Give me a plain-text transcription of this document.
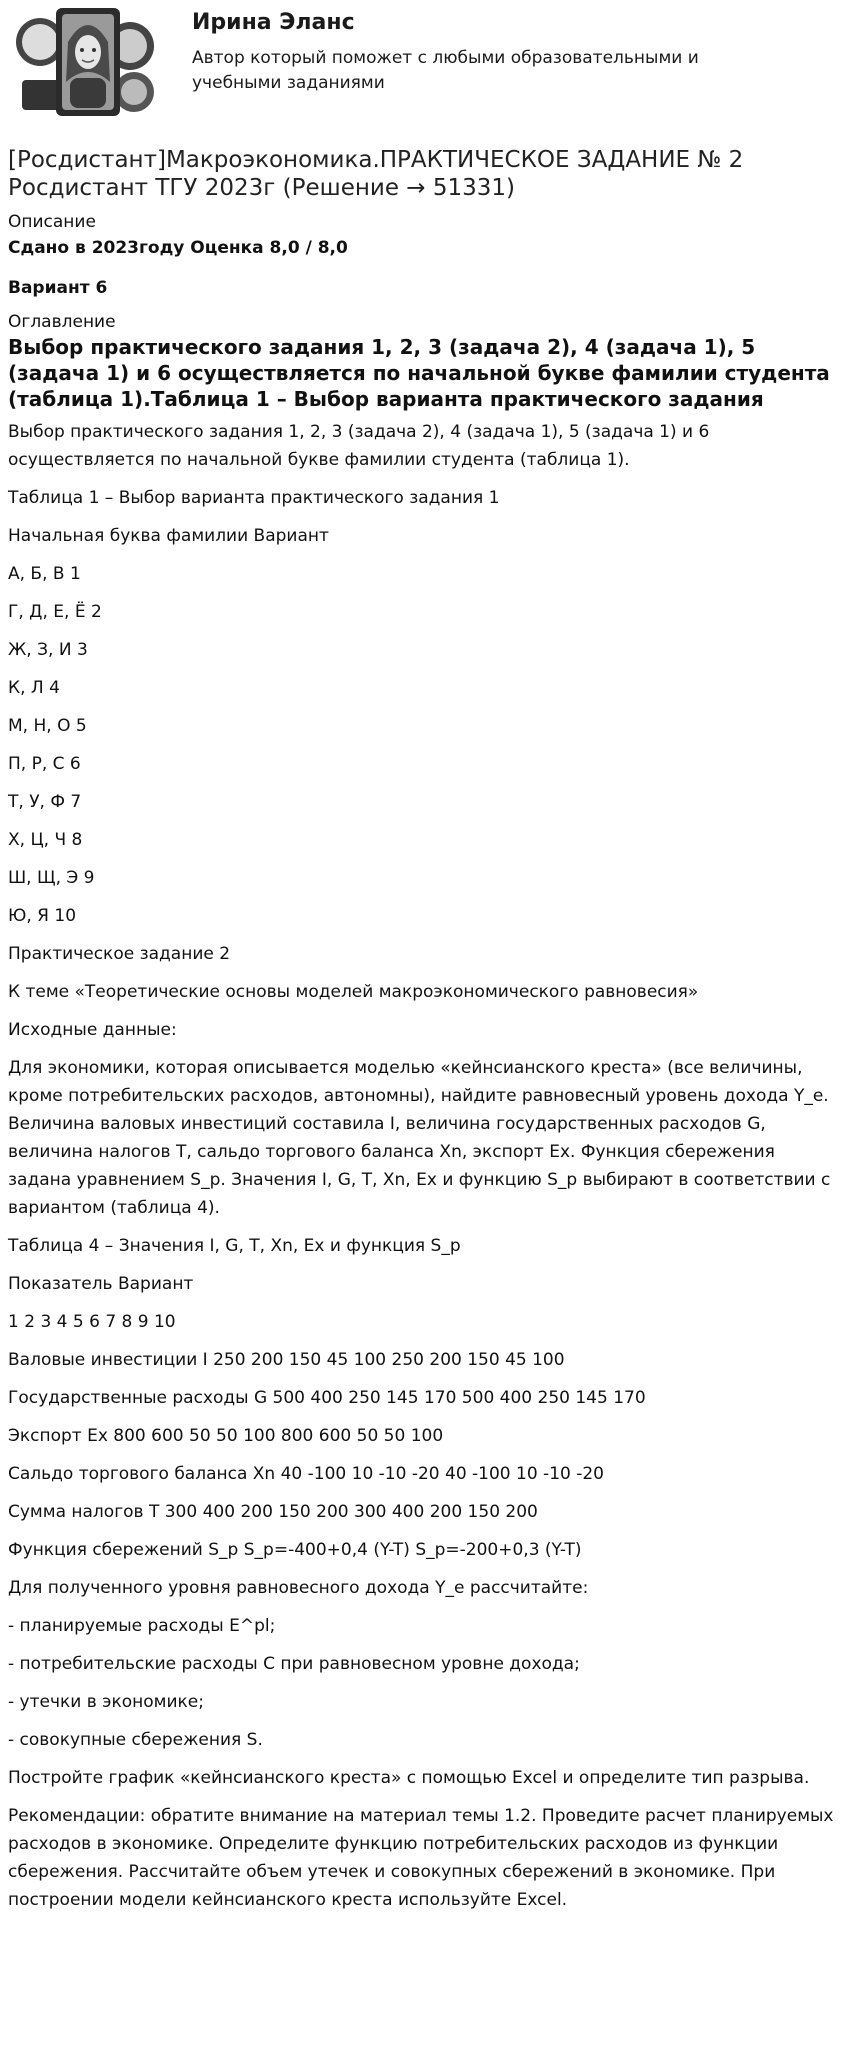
Ирина Эланс
Автор который поможет с любыми образовательными и учебными заданиями
[Росдистант]Макроэкономика.ПРАКТИЧЕСКОЕ ЗАДАНИЕ № 2 Росдистант ТГУ 2023г (Решение → 51331)
Описание

Сдано в 2023году Оценка 8,0 / 8,0

Вариант 6

Оглавление
Выбор практического задания 1, 2, 3 (задача 2), 4 (задача 1), 5 (задача 1) и 6 осуществляется по начальной букве фамилии студента (таблица 1).Таблица 1 – Выбор варианта практического задания

Выбор практического задания 1, 2, 3 (задача 2), 4 (задача 1), 5 (задача 1) и 6 осуществляется по начальной букве фамилии студента (таблица 1).

Таблица 1 – Выбор варианта практического задания 1

Начальная буква фамилии Вариант

А, Б, В 1

Г, Д, Е, Ё 2

Ж, З, И 3

К, Л 4

М, Н, О 5

П, Р, С 6

Т, У, Ф 7

Х, Ц, Ч 8

Ш, Щ, Э 9

Ю, Я 10

Практическое задание 2

К теме «Теоретические основы моделей макроэкономического равновесия»

Исходные данные:

Для экономики, которая описывается моделью «кейнсианского креста» (все величины, кроме потребительских расходов, автономны), найдите равновесный уровень дохода Y_e. Величина валовых инвестиций составила I, величина государственных расходов G, величина налогов T, сальдо торгового баланса Xn, экспорт Ex. Функция сбережения задана уравнением S_p. Значения I, G, T, Xn, Ex и функцию S_p выбирают в соответствии с вариантом (таблица 4).

Таблица 4 – Значения I, G, T, Xn, Ex и функция S_p

Показатель Вариант

1 2 3 4 5 6 7 8 9 10

Валовые инвестиции I 250 200 150 45 100 250 200 150 45 100

Государственные расходы G 500 400 250 145 170 500 400 250 145 170

Экспорт Ex 800 600 50 50 100 800 600 50 50 100

Сальдо торгового баланса Xn 40 -100 10 -10 -20 40 -100 10 -10 -20

Сумма налогов T 300 400 200 150 200 300 400 200 150 200

Функция сбережений S_p S_p=-400+0,4 (Y-T) S_p=-200+0,3 (Y-T)

Для полученного уровня равновесного дохода Y_e рассчитайте:

- планируемые расходы E^pl;

- потребительские расходы C при равновесном уровне дохода;

- утечки в экономике;

- совокупные сбережения S.

Постройте график «кейнсианского креста» с помощью Excel и определите тип разрыва.

Рекомендации: обратите внимание на материал темы 1.2. Проведите расчет планируемых расходов в экономике. Определите функцию потребительских расходов из функции сбережения. Рассчитайте объем утечек и совокупных сбережений в экономике. При построении модели кейнсианского креста используйте Excel.
